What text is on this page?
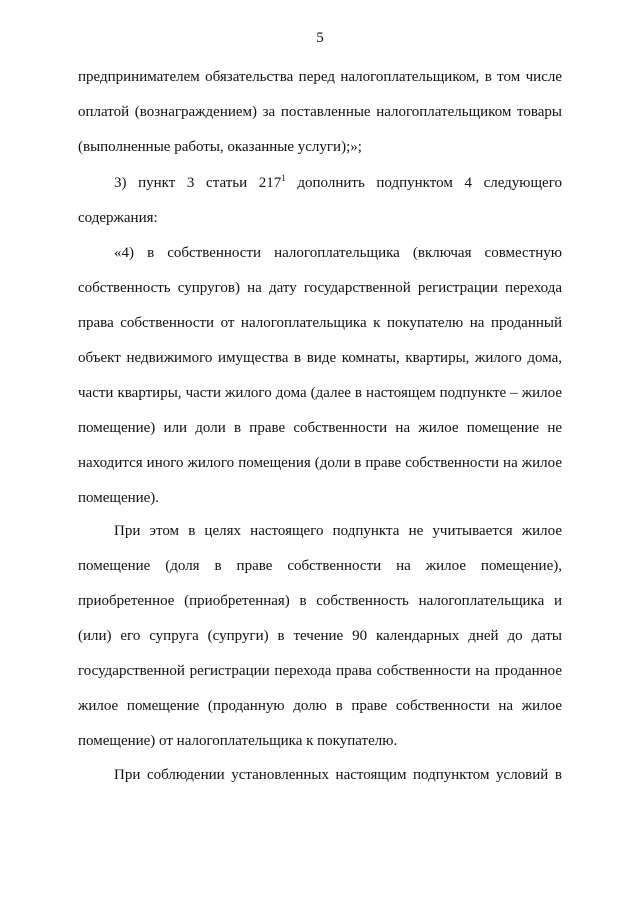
5
предпринимателем обязательства перед налогоплательщиком, в том числе
оплатой (вознаграждением) за поставленные налогоплательщиком товары
(выполненные работы, оказанные услуги);»;
3) пункт 3 статьи $217^1$ дополнить подпунктом 4 следующего
содержания:
«4) в собственности налогоплательщика (включая совместную
собственность супругов) на дату государственной регистрации перехода
права собственности от налогоплательщика к покупателю на проданный
объект недвижимого имущества в виде комнаты, квартиры, жилого дома,
части квартиры, части жилого дома (далее в настоящем подпункте – жилое
помещение) или доли в праве собственности на жилое помещение не
находится иного жилого помещения (доли в праве собственности на жилое
помещение).
При этом в целях настоящего подпункта не учитывается жилое
помещение (доля в праве собственности на жилое помещение),
приобретенное (приобретенная) в собственность налогоплательщика и
(или) его супруга (супруги) в течение 90 календарных дней до даты
государственной регистрации перехода права собственности на проданное
жилое помещение (проданную долю в праве собственности на жилое
помещение) от налогоплательщика к покупателю.
При соблюдении установленных настоящим подпунктом условий в
